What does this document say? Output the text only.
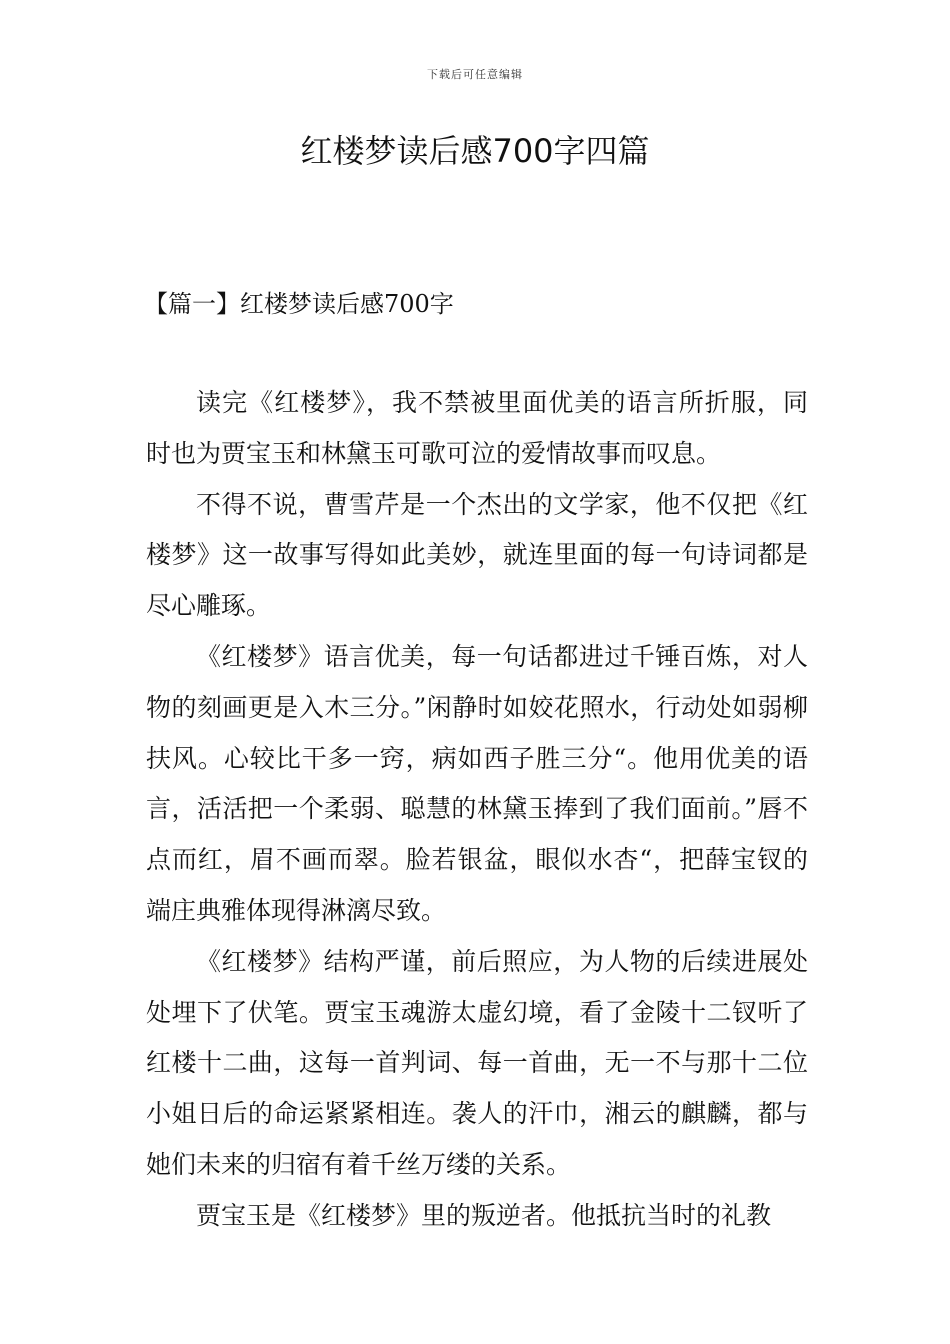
下载后可任意编辑
红楼梦读后感700字四篇
【篇一】红楼梦读后感700字

读完《红楼梦》，我不禁被里面优美的语言所折服，同时也为贾宝玉和林黛玉可歌可泣的爱情故事而叹息。

不得不说，曹雪芹是一个杰出的文学家，他不仅把《红楼梦》这一故事写得如此美妙，就连里面的每一句诗词都是尽心雕琢。

《红楼梦》语言优美，每一句话都进过千锤百炼，对人物的刻画更是入木三分。”闲静时如姣花照水，行动处如弱柳扶风。心较比干多一窍，病如西子胜三分“。他用优美的语言，活活把一个柔弱、聪慧的林黛玉捧到了我们面前。”唇不点而红，眉不画而翠。脸若银盆，眼似水杏“，把薛宝钗的端庄典雅体现得淋漓尽致。

《红楼梦》结构严谨，前后照应，为人物的后续进展处处埋下了伏笔。贾宝玉魂游太虚幻境，看了金陵十二钗听了红楼十二曲，这每一首判词、每一首曲，无一不与那十二位小姐日后的命运紧紧相连。袭人的汗巾，湘云的麒麟，都与她们未来的归宿有着千丝万缕的关系。

贾宝玉是《红楼梦》里的叛逆者。他抵抗当时的礼教
